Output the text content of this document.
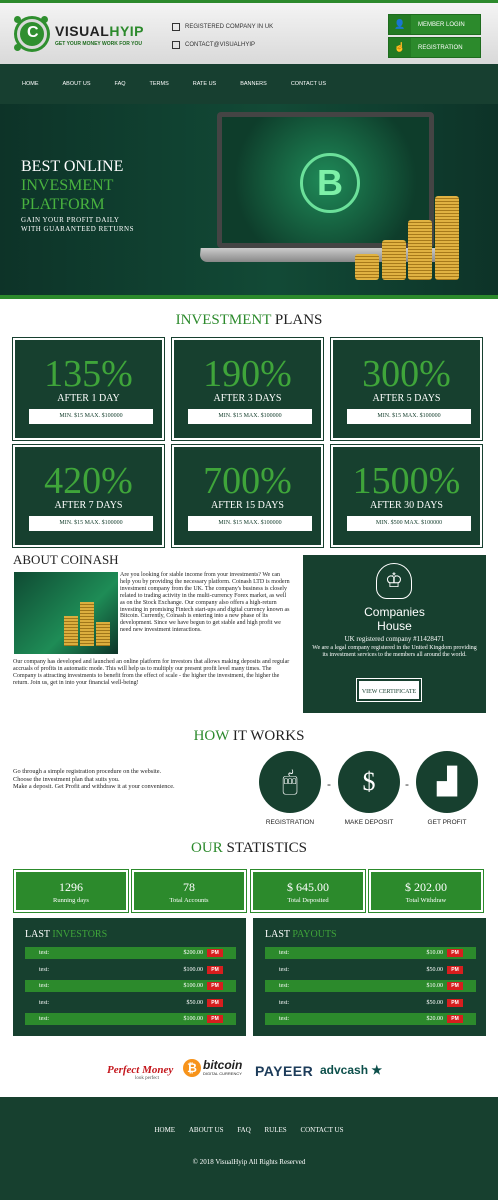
C VISUALHYIP
GET YOUR MONEY WORK FOR YOU
REGISTERED COMPANY IN UK
CONTACT@VISUALHYIP
👤	MEMBER LOGIN
☝	REGISTRATION
HOME	ABOUT US	FAQ	TERMS	RATE US	BANNERS	CONTACT US
BEST ONLINE
INVESMENT
PLATFORM

GAIN YOUR PROFIT DAILY
WITH GUARANTEED RETURNS

B
INVESTMENT PLANS
135%
AFTER 1 DAY
MIN. $15 MAX. $100000
190%
AFTER 3 DAYS
MIN. $15 MAX. $100000
300%
AFTER 5 DAYS
MIN. $15 MAX. $100000
420%
AFTER 7 DAYS
MIN. $15 MAX. $100000
700%
AFTER 15 DAYS
MIN. $15 MAX. $100000
1500%
AFTER 30 DAYS
MIN. $500 MAX. $100000
ABOUT COINASH
Are you looking for stable income from your investments? We can help you by providing the necessary platform. Coinash LTD is modern investment company from the UK. The company's business is closely related to trading activity in the multi-currency Forex market, as well as on the Stock Exchange. Our company also offers a high-return investing in promising Fintech start-ups and digital currency known as Bitcoin. Currently, Coinash is entering into a new phase of its development. Since we have begun to get stable and high profit we need new investment interactions.
Our company has developed and launched an online platform for investors that allows making deposits and regular accruals of profits in automatic mode. This will help us to multiply our present profit level many times. The Company is attracting investments to benefit from the effect of scale - the higher the investment, the higher the return. Join us, get in into your financial well-being!
♔
Companies
House
UK registered company #11428471
We are a legal company registered in the United Kingdom providing its investment services to the members all around the world.
VIEW CERTIFICATE
HOW IT WORKS
Go through a simple registration procedure on the website.
Choose the investment plan that suits you.
Make a deposit. Get Profit and withdraw it at your convenience.	🖱	-	$	-	▟
REGISTRATION	MAKE DEPOSIT	GET PROFIT
OUR STATISTICS
1296
Running days
78
Total Accounts
$ 645.00
Total Deposited
$ 202.00
Total Withdraw
LAST INVESTORS
test:	$200.00	PM
test:	$100.00	PM
test:	$100.00	PM
test:	$50.00	PM
test:	$100.00	PM
LAST PAYOUTS
test:	$10.00	PM
test:	$50.00	PM
test:	$10.00	PM
test:	$50.00	PM
test:	$20.00	PM
Perfect Money
look perfect
₿ bitcoin
DIGITAL CURRENCY PAYEER advcash ★
HOME ABOUT US FAQ RULES CONTACT US
© 2018 VisualHyip All Rights Reserved
